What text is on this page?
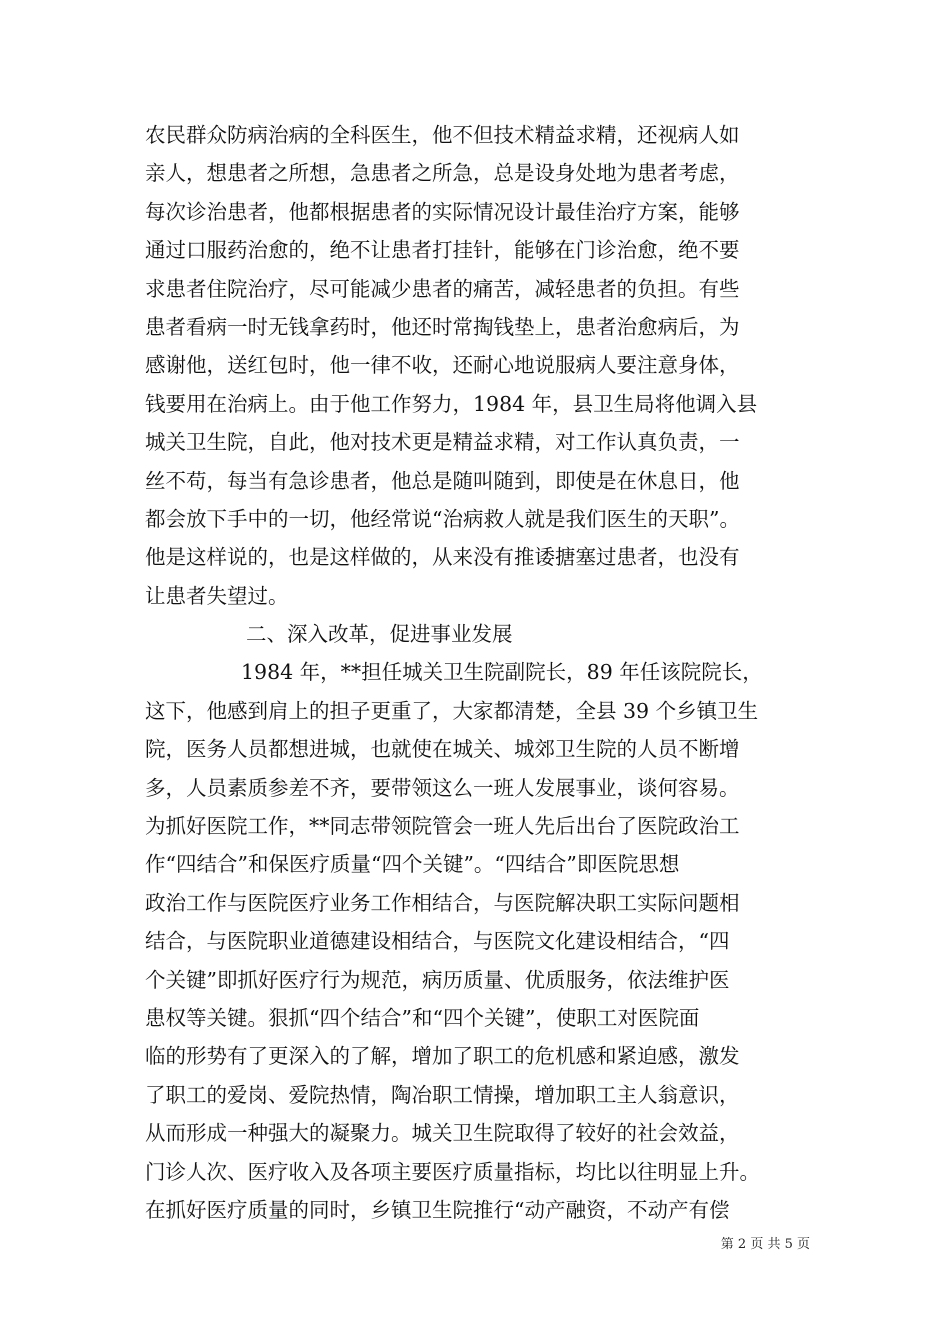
农民群众防病治病的全科医生，他不但技术精益求精，还视病人如
亲人，想患者之所想，急患者之所急，总是设身处地为患者考虑，
每次诊治患者，他都根据患者的实际情况设计最佳治疗方案，能够
通过口服药治愈的，绝不让患者打挂针，能够在门诊治愈，绝不要
求患者住院治疗，尽可能减少患者的痛苦，减轻患者的负担。有些
患者看病一时无钱拿药时，他还时常掏钱垫上，患者治愈病后，为
感谢他，送红包时，他一律不收，还耐心地说服病人要注意身体，
钱要用在治病上。由于他工作努力，1984 年，县卫生局将他调入县
城关卫生院，自此，他对技术更是精益求精，对工作认真负责，一
丝不苟，每当有急诊患者，他总是随叫随到，即使是在休息日，他
都会放下手中的一切，他经常说“治病救人就是我们医生的天职”。
他是这样说的，也是这样做的，从来没有推诿搪塞过患者，也没有
让患者失望过。
二、深入改革，促进事业发展
1984 年，**担任城关卫生院副院长，89 年任该院院长，
这下，他感到肩上的担子更重了，大家都清楚，全县 39 个乡镇卫生
院，医务人员都想进城，也就使在城关、城郊卫生院的人员不断增
多，人员素质参差不齐，要带领这么一班人发展事业，谈何容易。
为抓好医院工作，**同志带领院管会一班人先后出台了医院政治工
作“四结合”和保医疗质量“四个关键”。“四结合”即医院思想
政治工作与医院医疗业务工作相结合，与医院解决职工实际问题相
结合，与医院职业道德建设相结合，与医院文化建设相结合，“四
个关键”即抓好医疗行为规范，病历质量、优质服务，依法维护医
患权等关键。狠抓“四个结合”和“四个关键”，使职工对医院面
临的形势有了更深入的了解，增加了职工的危机感和紧迫感，激发
了职工的爱岗、爱院热情，陶冶职工情操，增加职工主人翁意识，
从而形成一种强大的凝聚力。城关卫生院取得了较好的社会效益，
门诊人次、医疗收入及各项主要医疗质量指标，均比以往明显上升。
在抓好医疗质量的同时，乡镇卫生院推行“动产融资，不动产有偿
第 2 页 共 5 页
